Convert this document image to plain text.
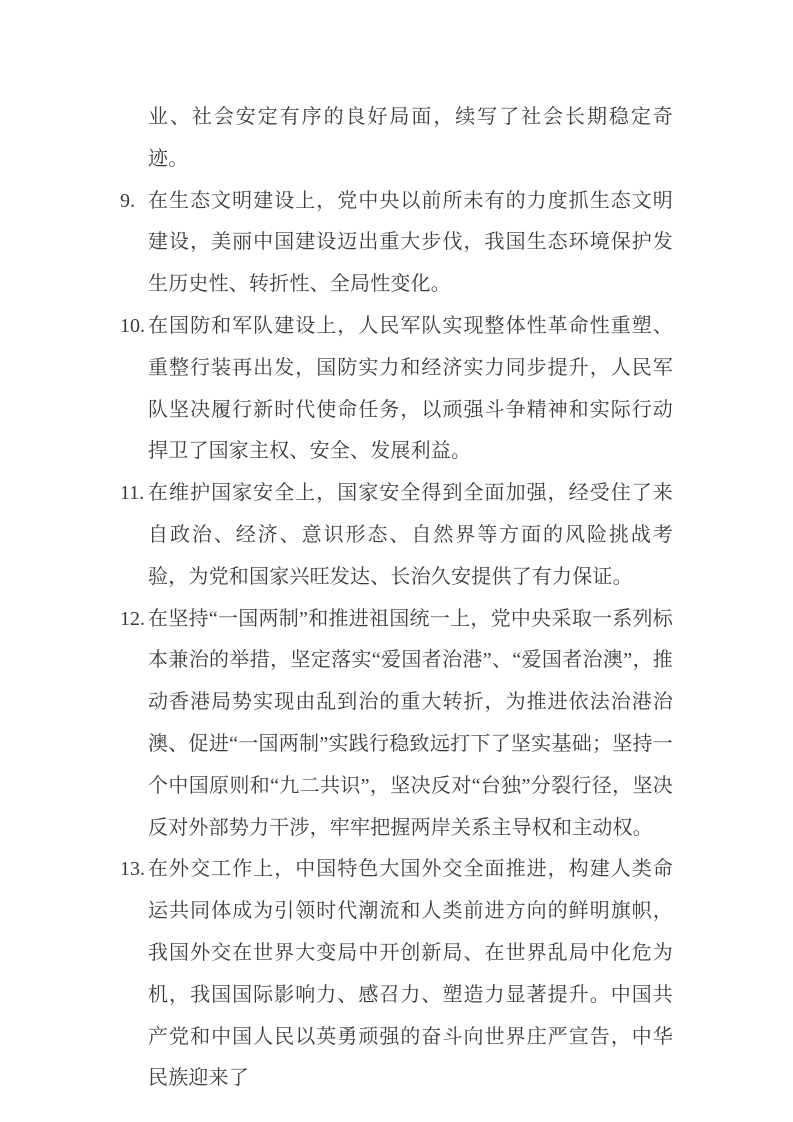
业、社会安定有序的良好局面，续写了社会长期稳定奇迹。
9. 在生态文明建设上，党中央以前所未有的力度抓生态文明建设，美丽中国建设迈出重大步伐，我国生态环境保护发生历史性、转折性、全局性变化。
10. 在国防和军队建设上，人民军队实现整体性革命性重塑、重整行装再出发，国防实力和经济实力同步提升，人民军队坚决履行新时代使命任务，以顽强斗争精神和实际行动捍卫了国家主权、安全、发展利益。
11. 在维护国家安全上，国家安全得到全面加强，经受住了来自政治、经济、意识形态、自然界等方面的风险挑战考验，为党和国家兴旺发达、长治久安提供了有力保证。
12. 在坚持“一国两制”和推进祖国统一上，党中央采取一系列标本兼治的举措，坚定落实“爱国者治港”、“爱国者治澳”，推动香港局势实现由乱到治的重大转折，为推进依法治港治澳、促进“一国两制”实践行稳致远打下了坚实基础；坚持一个中国原则和“九二共识”，坚决反对“台独”分裂行径，坚决反对外部势力干涉，牢牢把握两岸关系主导权和主动权。
13. 在外交工作上，中国特色大国外交全面推进，构建人类命运共同体成为引领时代潮流和人类前进方向的鲜明旗帜，我国外交在世界大变局中开创新局、在世界乱局中化危为机，我国国际影响力、感召力、塑造力显著提升。中国共产党和中国人民以英勇顽强的奋斗向世界庄严宣告，中华民族迎来了
